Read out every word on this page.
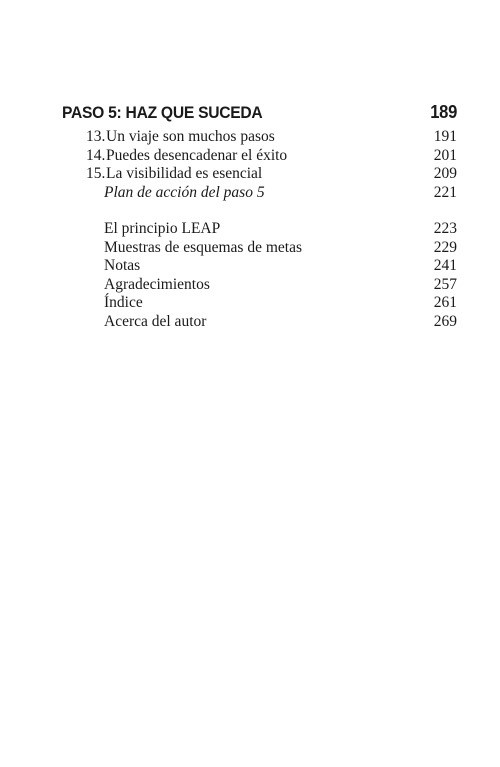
PASO 5: HAZ QUE SUCEDA	189
13. Un viaje son muchos pasos	191
14. Puedes desencadenar el éxito	201
15. La visibilidad es esencial	209
Plan de acción del paso 5	221
El principio LEAP	223
Muestras de esquemas de metas	229
Notas	241
Agradecimientos	257
Índice	261
Acerca del autor	269
